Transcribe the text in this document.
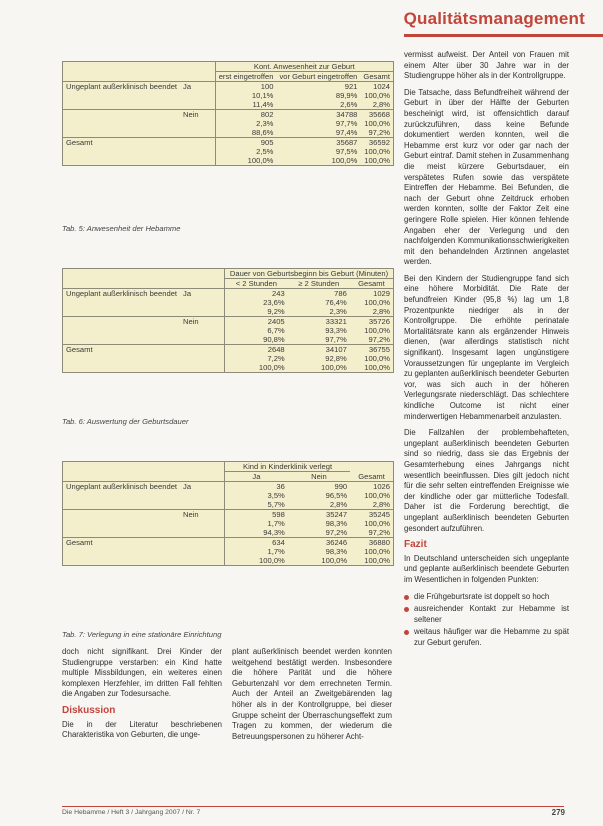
Qualitätsmanagement
		Kont. Anwesenheit zur Geburt		
		erst eingetroffen	vor Geburt eingetroffen	Gesamt
Ungeplant außerklinisch beendet	Ja	100	921	1024
		10,1%	89,9%	100,0%
		11,4%	2,6%	2,8%
	Nein	802	34788	35668
		2,3%	97,7%	100,0%
		88,6%	97,4%	97,2%
Gesamt		905	35687	36592
		2,5%	97,5%	100,0%
		100,0%	100,0%	100,0%
Tab. 5: Anwesenheit der Hebamme
		Dauer von Geburtsbeginn bis Geburt (Minuten)		
		< 2 Stunden	≥ 2 Stunden	Gesamt
Ungeplant außerklinisch beendet	Ja	243	786	1029
		23,6%	76,4%	100,0%
		9,2%	2,3%	2,8%
	Nein	2405	33321	35726
		6,7%	93,3%	100,0%
		90,8%	97,7%	97,2%
Gesamt		2648	34107	36755
		7,2%	92,8%	100,0%
		100,0%	100,0%	100,0%
Tab. 6: Auswertung der Geburtsdauer
		Kind in Kinderklinik verlegt		
		Ja	Nein	Gesamt
Ungeplant außerklinisch beendet	Ja	36	990	1026
		3,5%	96,5%	100,0%
		5,7%	2,8%	2,8%
	Nein	598	35247	35245
		1,7%	98,3%	100,0%
		94,3%	97,2%	97,2%
Gesamt		634	36246	36880
		1,7%	98,3%	100,0%
		100,0%	100,0%	100,0%
Tab. 7: Verlegung in eine stationäre Einrichtung

vermisst aufweist. Der Anteil von Frauen mit einem Alter über 30 Jahre war in der Studiengruppe höher als in der Kontrollgruppe.

Die Tatsache, dass Befundfreiheit während der Geburt in über der Hälfte der Geburten bescheinigt wird, ist offensichtlich darauf zurückzuführen, dass keine Befunde dokumentiert werden konnten, weil die Hebamme erst kurz vor oder gar nach der Geburt eintraf. Damit stehen in Zusammenhang die meist kürzere Geburtsdauer, ein verspätetes Rufen sowie das verspätete Eintreffen der Hebamme. Bei Befunden, die nach der Geburt ohne Zeitdruck erhoben werden konnten, sollte der Faktor Zeit eine geringere Rolle spielen. Hier können fehlende Angaben eher der Verlegung und den nachfolgenden Kommunikationsschwierigkeiten mit den behandelnden Ärztinnen angelastet werden.

Bei den Kindern der Studiengruppe fand sich eine höhere Morbidität. Die Rate der befundfreien Kinder (95,8 %) lag um 1,8 Prozentpunkte niedriger als in der Kontrollgruppe. Die erhöhte perinatale Mortalitätsrate kann als ergänzender Hinweis dienen, (war allerdings statistisch nicht signifikant). Insgesamt lagen ungünstigere Voraussetzungen für ungeplante im Vergleich zu geplanten außerklinisch beendeter Geburten vor, was sich auch in der höheren Verlegungsrate niederschlägt. Das schlechtere kindliche Outcome ist nicht einer minderwertigen Hebammenarbeit anzulasten.

Die Fallzahlen der problembehafteten, ungeplant außerklinisch beendeten Geburten sind so niedrig, dass sie das Ergebnis der Gesamterhebung eines Jahrgangs nicht wesentlich beeinflussen. Dies gilt jedoch nicht für die sehr selten eintreffenden Ereignisse wie der kindliche oder gar mütterliche Todesfall. Daher ist die Forderung berechtigt, die ungeplant außerklinisch beendeten Geburten gesondert aufzuführen.

Fazit

In Deutschland unterscheiden sich ungeplante und geplante außerklinisch beendete Geburten im Wesentlichen in folgenden Punkten:

die Frühgeburtsrate ist doppelt so hoch
ausreichender Kontakt zur Hebamme ist seltener
weitaus häufiger war die Hebamme zu spät zur Geburt gerufen.

doch nicht signifikant. Drei Kinder der Studiengruppe verstarben: ein Kind hatte multiple Missbildungen, ein weiteres einen komplexen Herzfehler, im dritten Fall fehlten die Angaben zur Todesursache.

Diskussion

Die in der Literatur beschriebenen Charakteristika von Geburten, die unge-

plant außerklinisch beendet werden konnten weitgehend bestätigt werden. Insbesondere die höhere Parität und die höhere Geburtenzahl vor dem errechneten Termin. Auch der Anteil an Zweitgebärenden lag höher als in der Kontrollgruppe, bei dieser Gruppe scheint der Überraschungseffekt zum Tragen zu kommen, der wiederum die Betreuungspersonen zu höherer Acht-

Die Hebamme / Heft 3 / Jahrgang 2007 / Nr. 7	279
